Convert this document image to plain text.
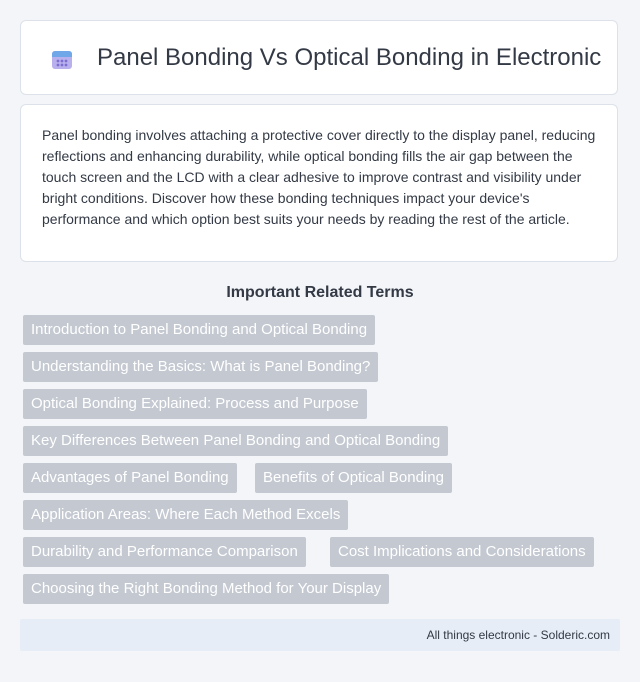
Panel Bonding Vs Optical Bonding in Electronic

Panel bonding involves attaching a protective cover directly to the display panel, reducing reflections and enhancing durability, while optical bonding fills the air gap between the touch screen and the LCD with a clear adhesive to improve contrast and visibility under bright conditions. Discover how these bonding techniques impact your device's performance and which option best suits your needs by reading the rest of the article.

Important Related Terms
Introduction to Panel Bonding and Optical Bonding
Understanding the Basics: What is Panel Bonding?
Optical Bonding Explained: Process and Purpose
Key Differences Between Panel Bonding and Optical Bonding
Advantages of Panel Bonding	Benefits of Optical Bonding
Application Areas: Where Each Method Excels
Durability and Performance Comparison	Cost Implications and Considerations
Choosing the Right Bonding Method for Your Display
All things electronic - Solderic.com
